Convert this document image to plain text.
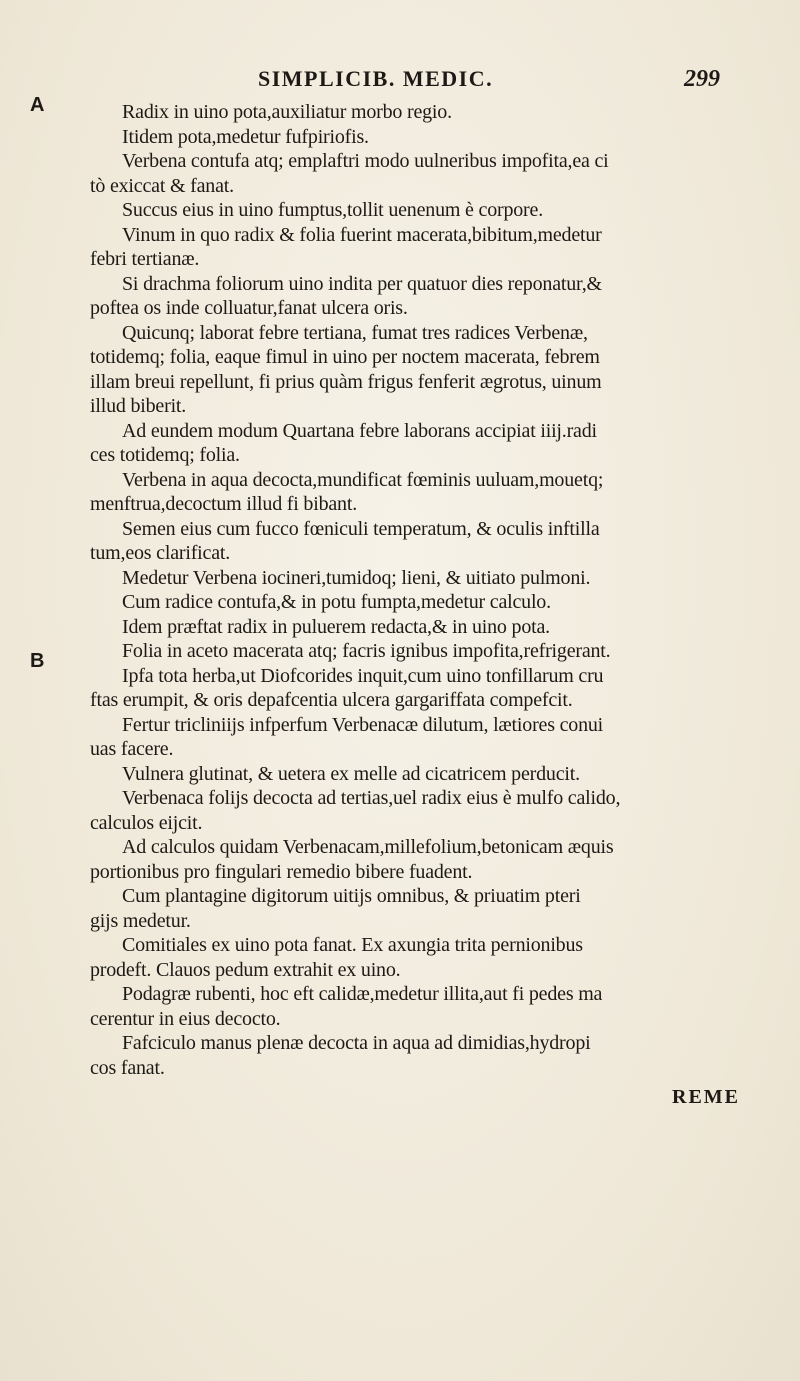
SIMPLICIB. MEDIC.	299
A
B
Radix in uino pota,auxiliatur morbo regio.
Itidem pota,medetur fufpiriofis.
Verbena contufa atq; emplaftri modo uulneribus impofita,ea ci
tò exiccat & fanat.
Succus eius in uino fumptus,tollit uenenum è corpore.
Vinum in quo radix & folia fuerint macerata,bibitum,medetur
febri tertianæ.
Si drachma foliorum uino indita per quatuor dies reponatur,&
poftea os inde colluatur,fanat ulcera oris.
Quicunq; laborat febre tertiana, fumat tres radices Verbenæ,
totidemq; folia, eaque fimul in uino per noctem macerata, febrem
illam breui repellunt, fi prius quàm frigus fenferit ægrotus, uinum
illud biberit.
Ad eundem modum Quartana febre laborans accipiat iiij.radi
ces totidemq; folia.
Verbena in aqua decocta,mundificat fœminis uuluam,mouetq;
menftrua,decoctum illud fi bibant.
Semen eius cum fucco fœniculi temperatum, & oculis inftilla
tum,eos clarificat.
Medetur Verbena iocineri,tumidoq; lieni, & uitiato pulmoni.
Cum radice contufa,& in potu fumpta,medetur calculo.
Idem præftat radix in puluerem redacta,& in uino pota.
Folia in aceto macerata atq; facris ignibus impofita,refrigerant.
Ipfa tota herba,ut Diofcorides inquit,cum uino tonfillarum cru
ftas erumpit, & oris depafcentia ulcera gargariffata compefcit.
Fertur tricliniijs infperfum Verbenacæ dilutum, lætiores conui
uas facere.
Vulnera glutinat, & uetera ex melle ad cicatricem perducit.
Verbenaca folijs decocta ad tertias,uel radix eius è mulfo calido,
calculos eijcit.
Ad calculos quidam Verbenacam,millefolium,betonicam æquis
portionibus pro fingulari remedio bibere fuadent.
Cum plantagine digitorum uitijs omnibus, & priuatim pteri
gijs medetur.
Comitiales ex uino pota fanat. Ex axungia trita pernionibus
prodeft. Clauos pedum extrahit ex uino.
Podagræ rubenti, hoc eft calidæ,medetur illita,aut fi pedes ma
cerentur in eius decocto.
Fafciculo manus plenæ decocta in aqua ad dimidias,hydropi
cos fanat.
REME
